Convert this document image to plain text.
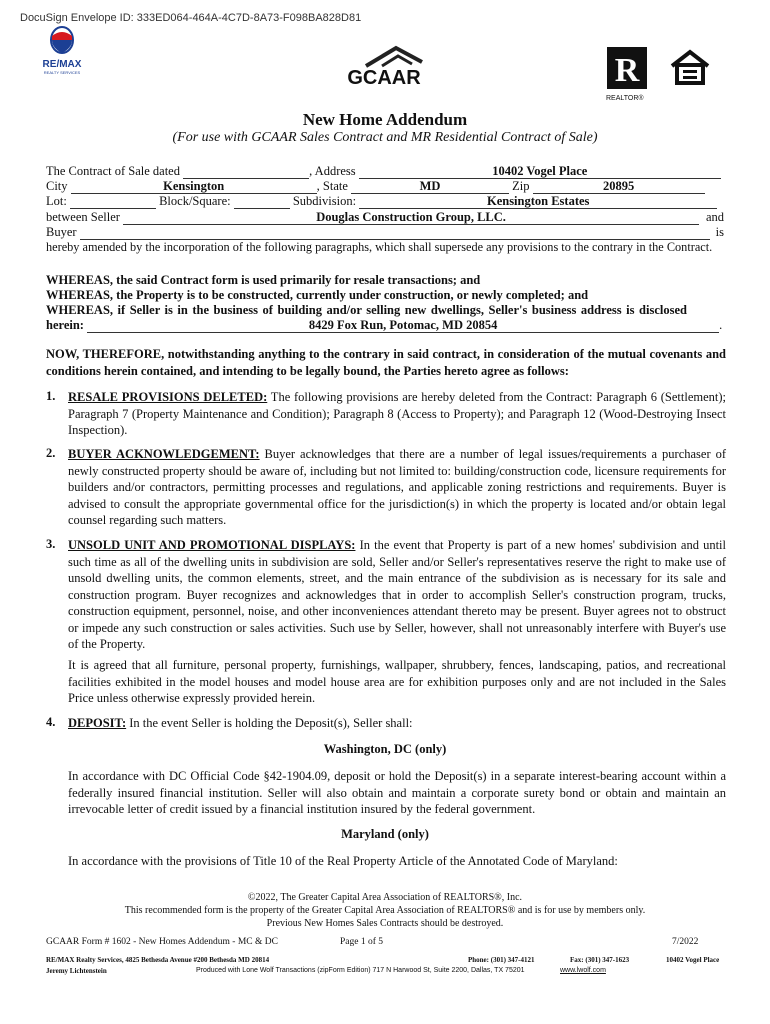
DocuSign Envelope ID: 333ED064-464A-4C7D-8A73-F098BA828D81
RE/MAX
REALTY SERVICES	GCAAR	R
REALTOR®
New Home Addendum
(For use with GCAAR Sales Contract and MR Residential Contract of Sale)
The Contract of Sale dated	, Address	10402 Vogel Place
City	Kensington	, State	MD	Zip	20895
Lot:	Block/Square:	Subdivision:	Kensington Estates
between Seller	Douglas Construction Group, LLC.	and
Buyer	is
hereby amended by the incorporation of the following paragraphs, which shall supersede any provisions to the contrary in the Contract.
WHEREAS, the said Contract form is used primarily for resale transactions; and
WHEREAS, the Property is to be constructed, currently under construction, or newly completed; and
WHEREAS, if Seller is in the business of building and/or selling new dwellings, Seller's business address is disclosed
herein:	8429 Fox Run, Potomac, MD 20854	.
NOW, THEREFORE, notwithstanding anything to the contrary in said contract, in consideration of the mutual covenants and conditions herein contained, and intending to be legally bound, the Parties hereto agree as follows:
1. RESALE PROVISIONS DELETED: The following provisions are hereby deleted from the Contract: Paragraph 6 (Settlement); Paragraph 7 (Property Maintenance and Condition); Paragraph 8 (Access to Property); and Paragraph 12 (Wood-Destroying Insect Inspection).
2. BUYER ACKNOWLEDGEMENT: Buyer acknowledges that there are a number of legal issues/requirements a purchaser of newly constructed property should be aware of, including but not limited to: building/construction code, licensure requirements for builders and/or contractors, permitting processes and regulations, and applicable zoning restrictions and requirements. Buyer is advised to consult the appropriate governmental office for the jurisdiction(s) in which the property is located and/or obtain legal counsel regarding such matters.
3. UNSOLD UNIT AND PROMOTIONAL DISPLAYS: In the event that Property is part of a new homes' subdivision and until such time as all of the dwelling units in subdivision are sold, Seller and/or Seller's representatives reserve the right to make use of unsold dwelling units, the common elements, street, and the main entrance of the subdivision as is necessary for its sale and construction program. Buyer recognizes and acknowledges that in order to accomplish Seller's construction program, trucks, construction equipment, personnel, noise, and other inconveniences attendant thereto may be present. Buyer agrees not to obstruct or impede any such construction or sales activities. Such use by Seller, however, shall not unreasonably interfere with Buyer's use of the Property.
It is agreed that all furniture, personal property, furnishings, wallpaper, shrubbery, fences, landscaping, patios, and recreational facilities exhibited in the model houses and model house area are for exhibition purposes only and are not included in the Sales Price unless otherwise expressly provided herein.
4. DEPOSIT: In the event Seller is holding the Deposit(s), Seller shall:
Washington, DC (only)
In accordance with DC Official Code §42-1904.09, deposit or hold the Deposit(s) in a separate interest-bearing account within a federally insured financial institution. Seller will also obtain and maintain a corporate surety bond or obtain and maintain an irrevocable letter of credit issued by a financial institution insured by the federal government.
Maryland (only)
In accordance with the provisions of Title 10 of the Real Property Article of the Annotated Code of Maryland:
©2022, The Greater Capital Area Association of REALTORS®, Inc.
This recommended form is the property of the Greater Capital Area Association of REALTORS® and is for use by members only.
Previous New Homes Sales Contracts should be destroyed.
GCAAR Form # 1602 - New Homes Addendum - MC & DC	Page 1 of 5	7/2022
RE/MAX Realty Services, 4825 Bethesda Avenue #200 Bethesda MD 20814	Phone: (301) 347-4121	Fax: (301) 347-1623	10402 Vogel Place
Jeremy Lichtenstein	Produced with Lone Wolf Transactions (zipForm Edition) 717 N Harwood St, Suite 2200, Dallas, TX 75201	www.lwolf.com
